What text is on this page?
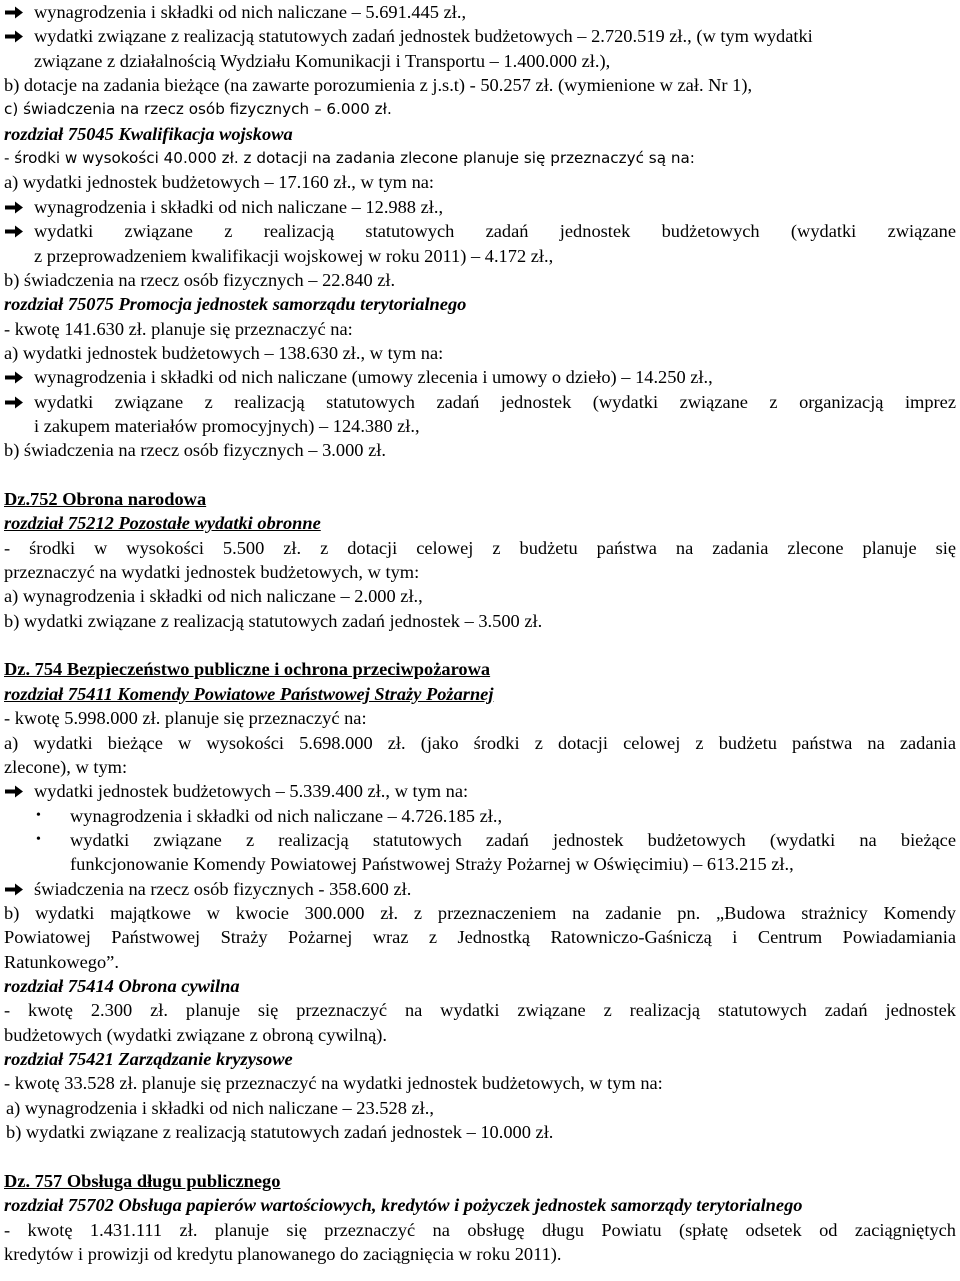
wynagrodzenia i składki od nich naliczane – 5.691.445 zł.,
wydatki związane z realizacją statutowych zadań jednostek budżetowych – 2.720.519 zł., (w tym wydatki
związane z działalnością Wydziału Komunikacji i Transportu – 1.400.000 zł.),
b) dotacje na zadania bieżące (na zawarte porozumienia z j.s.t) - 50.257 zł. (wymienione w zał. Nr 1),
c) świadczenia na rzecz osób fizycznych – 6.000 zł.
rozdział 75045 Kwalifikacja wojskowa
- środki w wysokości 40.000 zł. z dotacji na zadania zlecone planuje się przeznaczyć są na:
a) wydatki jednostek budżetowych – 17.160 zł., w tym na:
wynagrodzenia i składki od nich naliczane – 12.988 zł.,
wydatki związane z realizacją statutowych zadań jednostek budżetowych (wydatki związane
z przeprowadzeniem kwalifikacji wojskowej w roku 2011) – 4.172 zł.,
b) świadczenia na rzecz osób fizycznych – 22.840 zł.
rozdział 75075 Promocja jednostek samorządu terytorialnego
- kwotę 141.630 zł. planuje się przeznaczyć na:
a) wydatki jednostek budżetowych – 138.630 zł., w tym na:
wynagrodzenia i składki od nich naliczane (umowy zlecenia i umowy o dzieło) – 14.250 zł.,
wydatki związane z realizacją statutowych zadań jednostek (wydatki związane z organizacją imprez
i zakupem materiałów promocyjnych) – 124.380 zł.,
b) świadczenia na rzecz osób fizycznych – 3.000 zł.
Dz.752 Obrona narodowa
rozdział 75212 Pozostałe wydatki obronne
- środki w wysokości 5.500 zł. z dotacji celowej z budżetu państwa na zadania zlecone planuje się
przeznaczyć na wydatki jednostek budżetowych, w tym:
a) wynagrodzenia i składki od nich naliczane – 2.000 zł.,
b) wydatki związane z realizacją statutowych zadań jednostek – 3.500 zł.
Dz. 754 Bezpieczeństwo publiczne i ochrona przeciwpożarowa
rozdział 75411 Komendy Powiatowe Państwowej Straży Pożarnej
- kwotę 5.998.000 zł. planuje się przeznaczyć na:
a) wydatki bieżące w wysokości 5.698.000 zł. (jako środki z dotacji celowej z budżetu państwa na zadania
zlecone), w tym:
wydatki jednostek budżetowych – 5.339.400 zł., w tym na:
• wynagrodzenia i składki od nich naliczane – 4.726.185 zł.,
• wydatki związane z realizacją statutowych zadań jednostek budżetowych (wydatki na bieżące
funkcjonowanie Komendy Powiatowej Państwowej Straży Pożarnej w Oświęcimiu) – 613.215 zł.,
świadczenia na rzecz osób fizycznych - 358.600 zł.
b) wydatki majątkowe w kwocie 300.000 zł. z przeznaczeniem na zadanie pn. „Budowa strażnicy Komendy
Powiatowej Państwowej Straży Pożarnej wraz z Jednostką Ratowniczo-Gaśniczą i Centrum Powiadamiania
Ratunkowego”.
rozdział 75414 Obrona cywilna
- kwotę 2.300 zł. planuje się przeznaczyć na wydatki związane z realizacją statutowych zadań jednostek
budżetowych (wydatki związane z obroną cywilną).
rozdział 75421 Zarządzanie kryzysowe
- kwotę 33.528 zł. planuje się przeznaczyć na wydatki jednostek budżetowych, w tym na:
a) wynagrodzenia i składki od nich naliczane – 23.528 zł.,
b) wydatki związane z realizacją statutowych zadań jednostek – 10.000 zł.
Dz. 757 Obsługa długu publicznego
rozdział 75702 Obsługa papierów wartościowych, kredytów i pożyczek jednostek samorządy terytorialnego
- kwotę 1.431.111 zł. planuje się przeznaczyć na obsługę długu Powiatu (spłatę odsetek od zaciągniętych
kredytów i prowizji od kredytu planowanego do zaciągnięcia w roku 2011).
